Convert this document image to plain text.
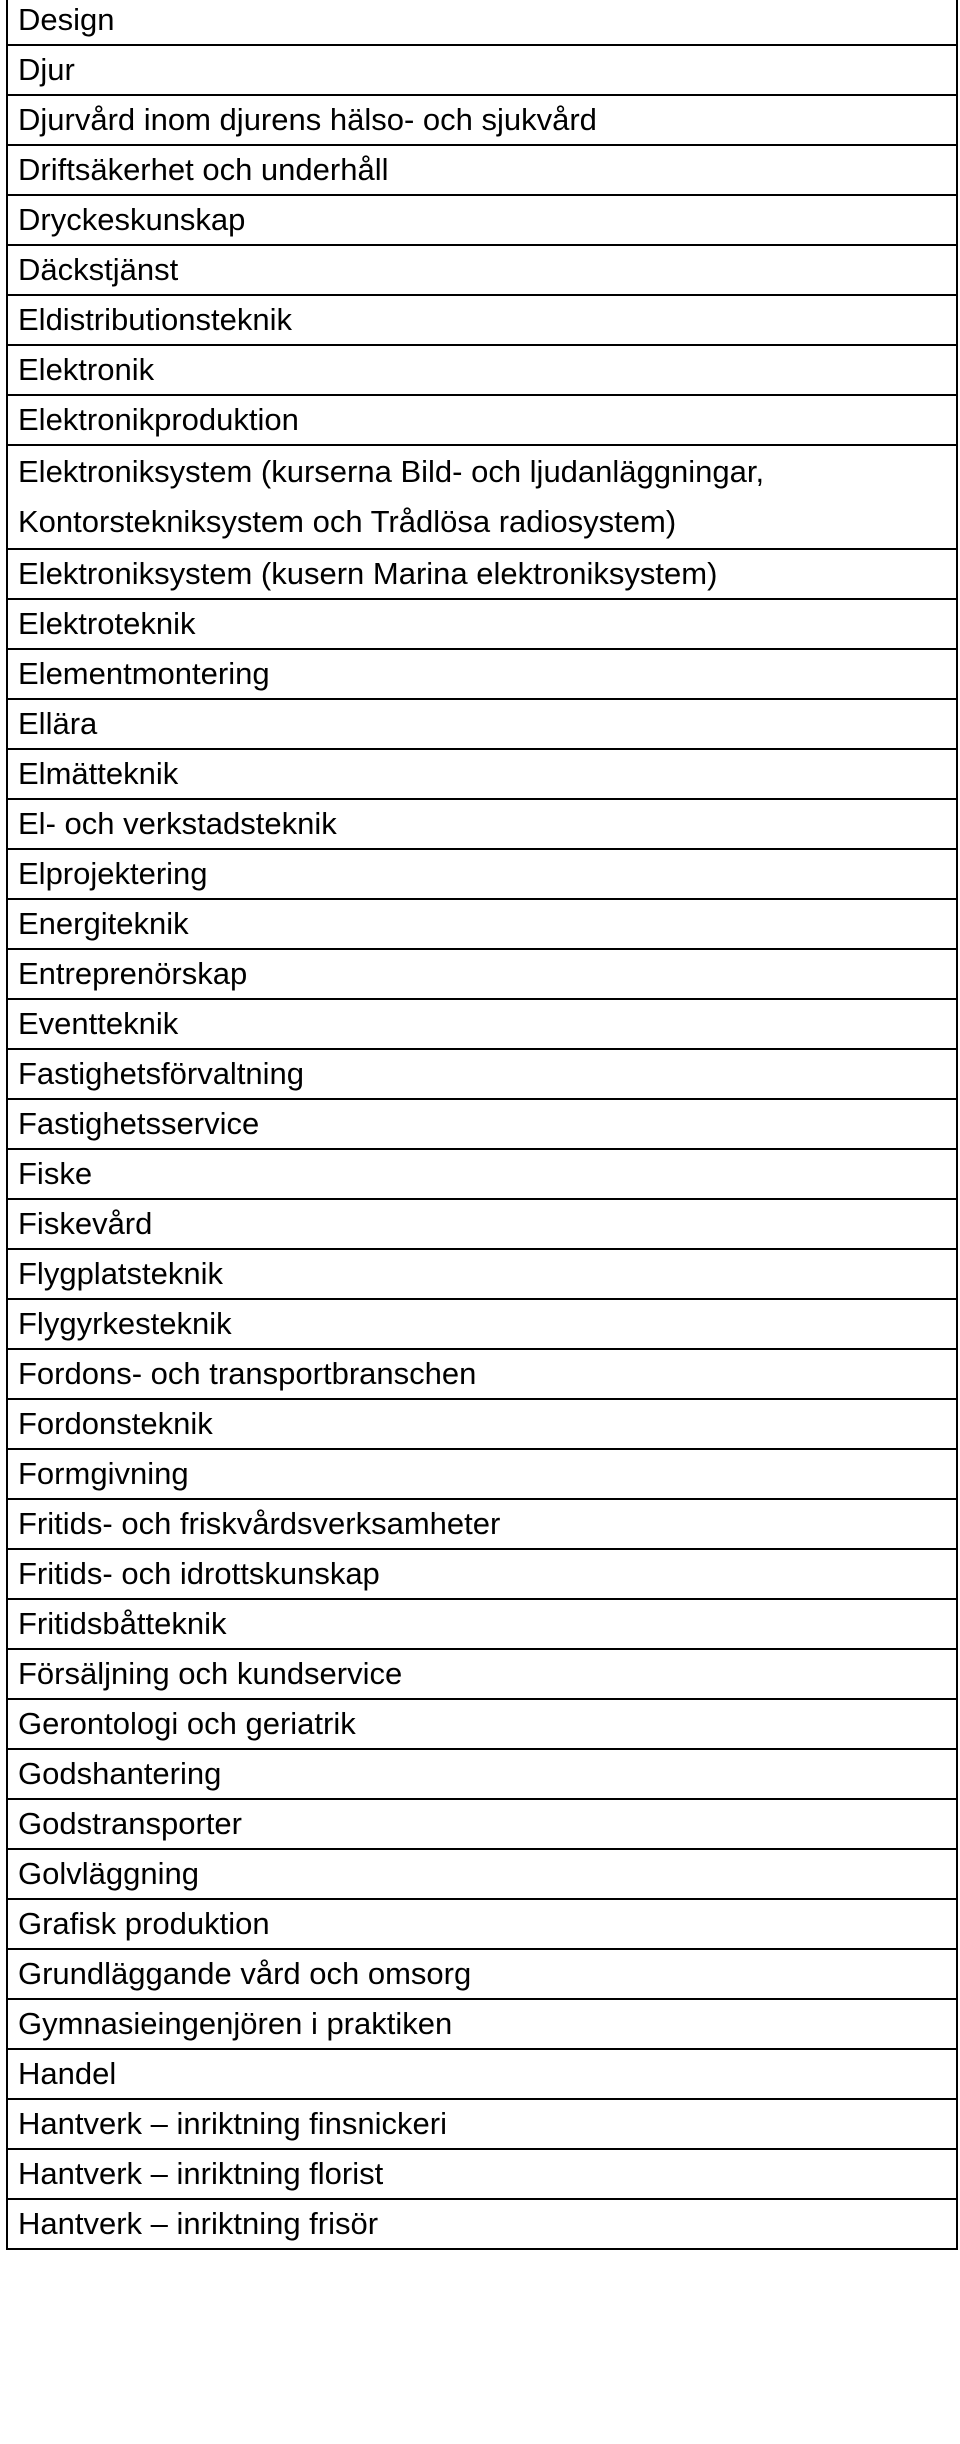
Design
Djur
Djurvård inom djurens hälso- och sjukvård
Driftsäkerhet och underhåll
Dryckeskunskap
Däckstjänst
Eldistributionsteknik
Elektronik
Elektronikproduktion

Elektroniksystem (kurserna Bild- och ljudanläggningar,
Kontorstekniksystem och Trådlösa radiosystem)

Elektroniksystem (kusern Marina elektroniksystem)
Elektroteknik
Elementmontering
Ellära
Elmätteknik
El- och verkstadsteknik
Elprojektering
Energiteknik
Entreprenörskap
Eventteknik
Fastighetsförvaltning
Fastighetsservice
Fiske
Fiskevård
Flygplatsteknik
Flygyrkesteknik
Fordons- och transportbranschen
Fordonsteknik
Formgivning
Fritids- och friskvårdsverksamheter
Fritids- och idrottskunskap
Fritidsbåtteknik
Försäljning och kundservice
Gerontologi och geriatrik
Godshantering
Godstransporter
Golvläggning
Grafisk produktion
Grundläggande vård och omsorg
Gymnasieingenjören i praktiken
Handel
Hantverk – inriktning finsnickeri
Hantverk – inriktning florist
Hantverk – inriktning frisör
